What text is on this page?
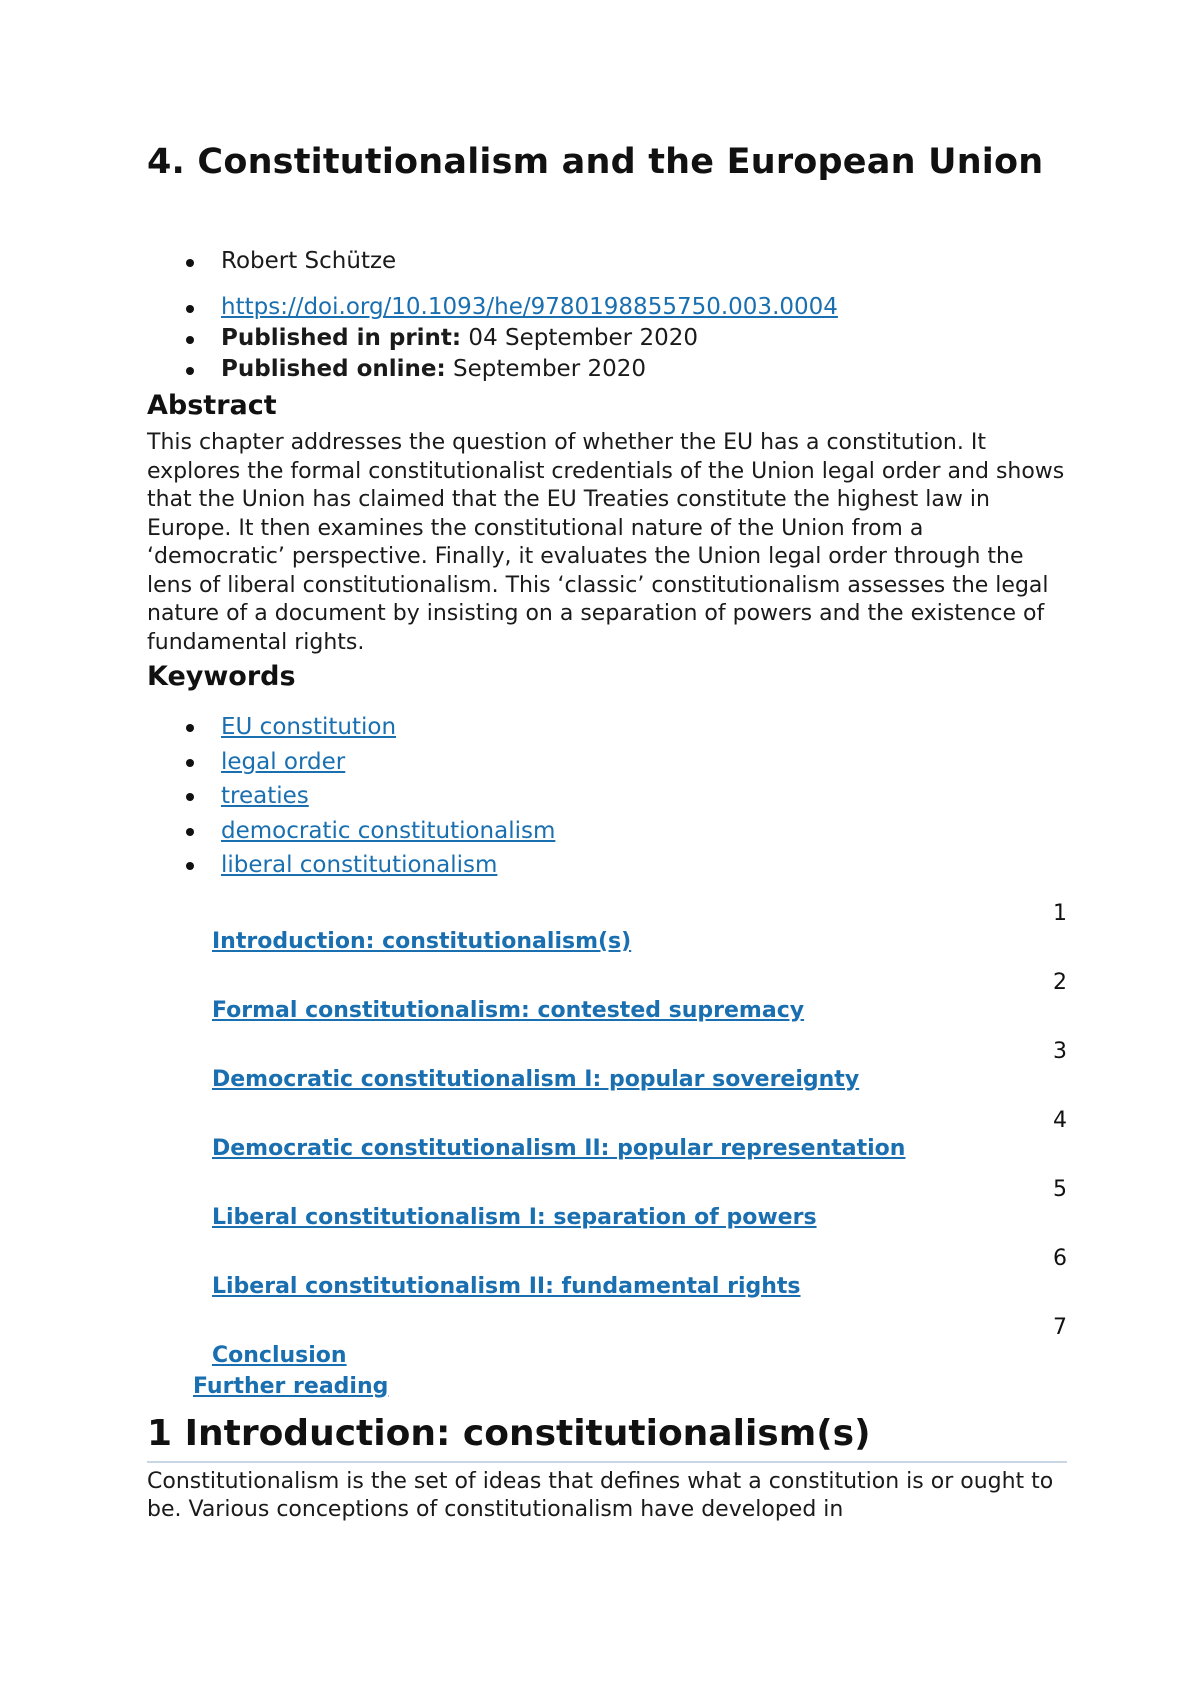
4. Constitutionalism and the European Union
Robert Schütze
https://doi.org/10.1093/he/9780198855750.003.0004
Published in print: 04 September 2020
Published online: September 2020
Abstract

This chapter addresses the question of whether the EU has a constitution. It explores the formal constitutionalist credentials of the Union legal order and shows that the Union has claimed that the EU Treaties constitute the highest law in Europe. It then examines the constitutional nature of the Union from a ‘democratic’ perspective. Finally, it evaluates the Union legal order through the lens of liberal constitutionalism. This ‘classic’ constitutionalism assesses the legal nature of a document by insisting on a separation of powers and the existence of fundamental rights.

Keywords
EU constitution
legal order
treaties
democratic constitutionalism
liberal constitutionalism
1
Introduction: constitutionalism(s)
2
Formal constitutionalism: contested supremacy
3
Democratic constitutionalism I: popular sovereignty
4
Democratic constitutionalism II: popular representation
5
Liberal constitutionalism I: separation of powers
6
Liberal constitutionalism II: fundamental rights
7
Conclusion
Further reading
1 Introduction: constitutionalism(s)

Constitutionalism is the set of ideas that defines what a constitution is or ought to be. Various conceptions of constitutionalism have developed in
